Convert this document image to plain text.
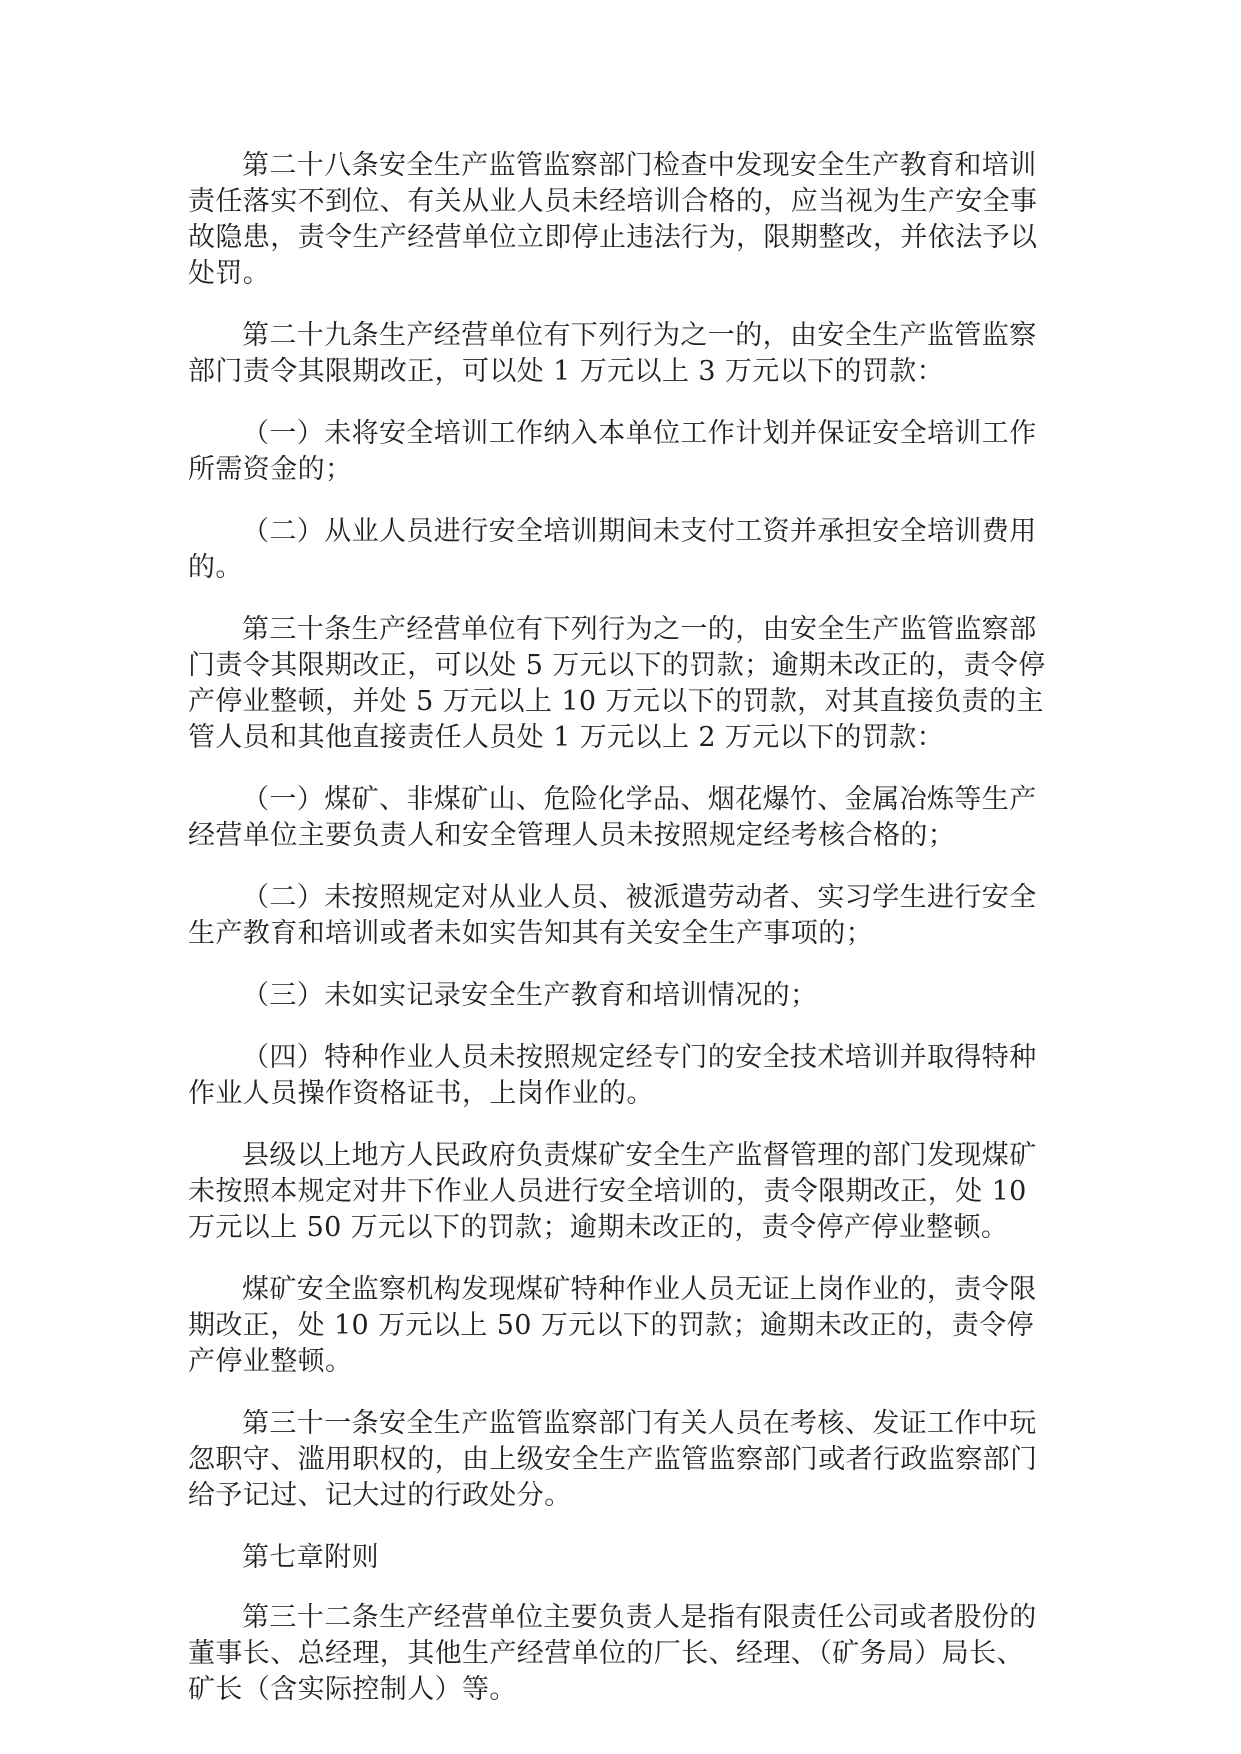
第二十八条安全生产监管监察部门检查中发现安全生产教育和培训责任落实不到位、有关从业人员未经培训合格的，应当视为生产安全事故隐患，责令生产经营单位立即停止违法行为，限期整改，并依法予以处罚。

第二十九条生产经营单位有下列行为之一的，由安全生产监管监察部门责令其限期改正，可以处 1 万元以上 3 万元以下的罚款：

（一）未将安全培训工作纳入本单位工作计划并保证安全培训工作所需资金的；

（二）从业人员进行安全培训期间未支付工资并承担安全培训费用的。

第三十条生产经营单位有下列行为之一的，由安全生产监管监察部门责令其限期改正，可以处 5 万元以下的罚款；逾期未改正的，责令停产停业整顿，并处 5 万元以上 10 万元以下的罚款，对其直接负责的主管人员和其他直接责任人员处 1 万元以上 2 万元以下的罚款：

（一）煤矿、非煤矿山、危险化学品、烟花爆竹、金属冶炼等生产经营单位主要负责人和安全管理人员未按照规定经考核合格的；

（二）未按照规定对从业人员、被派遣劳动者、实习学生进行安全生产教育和培训或者未如实告知其有关安全生产事项的；

（三）未如实记录安全生产教育和培训情况的；

（四）特种作业人员未按照规定经专门的安全技术培训并取得特种作业人员操作资格证书，上岗作业的。

县级以上地方人民政府负责煤矿安全生产监督管理的部门发现煤矿未按照本规定对井下作业人员进行安全培训的，责令限期改正，处 10 万元以上 50 万元以下的罚款；逾期未改正的，责令停产停业整顿。

煤矿安全监察机构发现煤矿特种作业人员无证上岗作业的，责令限期改正，处 10 万元以上 50 万元以下的罚款；逾期未改正的，责令停产停业整顿。

第三十一条安全生产监管监察部门有关人员在考核、发证工作中玩忽职守、滥用职权的，由上级安全生产监管监察部门或者行政监察部门给予记过、记大过的行政处分。

第七章附则

第三十二条生产经营单位主要负责人是指有限责任公司或者股份的董事长、总经理，其他生产经营单位的厂长、经理、（矿务局）局长、矿长（含实际控制人）等。
